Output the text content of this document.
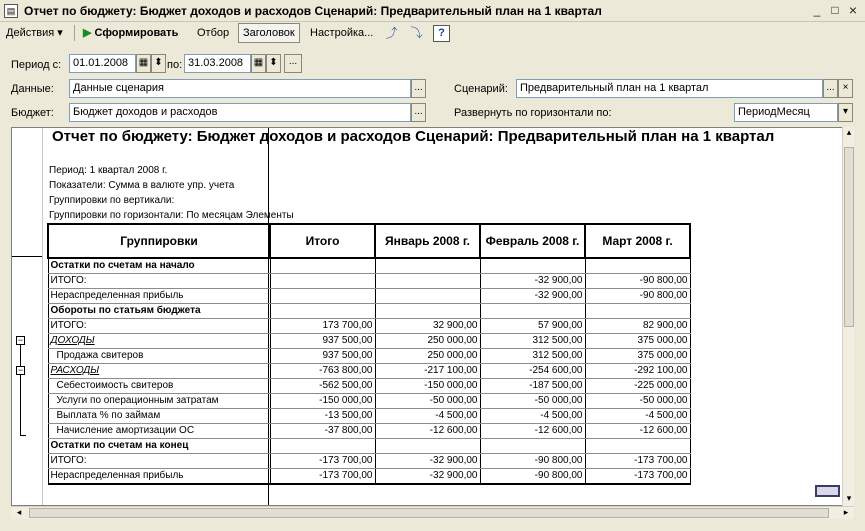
▤ Отчет по бюджету: Бюджет доходов и расходов Сценарий: Предварительный план на 1 квартал	_ □ ×
Действия ▾	▶ Сформировать	Отбор	Заголовок	Настройка...	⤴ ⤵	?
Период с:	01.01.2008	▦ ⬍ по: 31.03.2008	▦ ⬍	...
Данные:	Данные сценария	...
Бюджет:	Бюджет доходов и расходов	...
Сценарий:	Предварительный план на 1 квартал	... ×
Развернуть по горизонтали по:	ПериодМесяц	▾
Отчет по бюджету: Бюджет доходов и расходов Сценарий: Предварительный план на 1 квартал
Период: 1 квартал 2008 г.
Показатели: Сумма в валюте упр. учета
Группировки по вертикали:
Группировки по горизонтали: По месяцам Элементы
−
−
Группировки	Итого	Январь 2008 г.	Февраль 2008 г.	Март 2008 г.
Остатки по счетам на начало				
ИТОГО:			-32 900,00	-90 800,00
Нераспределенная прибыль			-32 900,00	-90 800,00
Обороты по статьям бюджета				
ИТОГО:	173 700,00	32 900,00	57 900,00	82 900,00
ДОХОДЫ	937 500,00	250 000,00	312 500,00	375 000,00
Продажа свитеров	937 500,00	250 000,00	312 500,00	375 000,00
РАСХОДЫ	-763 800,00	-217 100,00	-254 600,00	-292 100,00
Себестоимость свитеров	-562 500,00	-150 000,00	-187 500,00	-225 000,00
Услуги по операционным затратам	-150 000,00	-50 000,00	-50 000,00	-50 000,00
Выплата % по займам	-13 500,00	-4 500,00	-4 500,00	-4 500,00
Начисление амортизации ОС	-37 800,00	-12 600,00	-12 600,00	-12 600,00
Остатки по счетам на конец				
ИТОГО:	-173 700,00	-32 900,00	-90 800,00	-173 700,00
Нераспределенная прибыль	-173 700,00	-32 900,00	-90 800,00	-173 700,00
▴
▾
◂	▸
